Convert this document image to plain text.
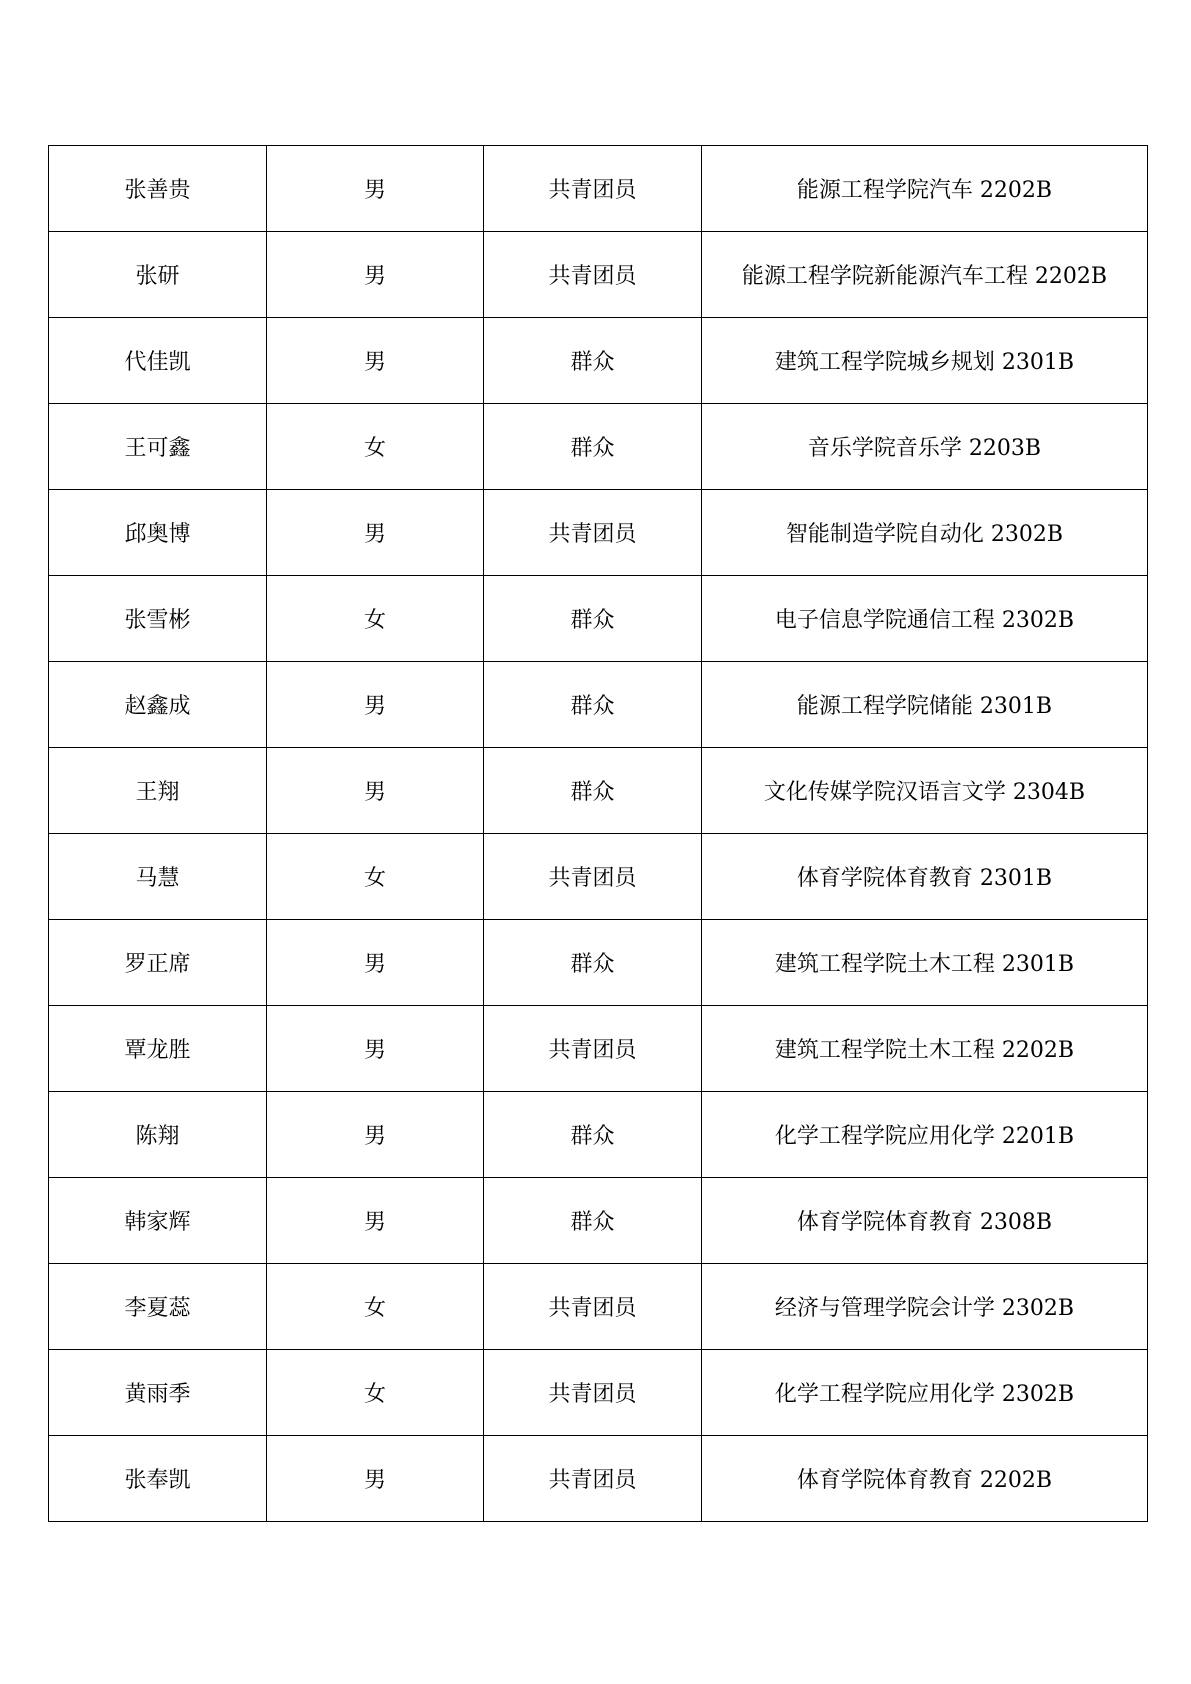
张善贵	男	共青团员	能源工程学院汽车 2202B
张研	男	共青团员	能源工程学院新能源汽车工程 2202B
代佳凯	男	群众	建筑工程学院城乡规划 2301B
王可鑫	女	群众	音乐学院音乐学 2203B
邱奥博	男	共青团员	智能制造学院自动化 2302B
张雪彬	女	群众	电子信息学院通信工程 2302B
赵鑫成	男	群众	能源工程学院储能 2301B
王翔	男	群众	文化传媒学院汉语言文学 2304B
马慧	女	共青团员	体育学院体育教育 2301B
罗正席	男	群众	建筑工程学院土木工程 2301B
覃龙胜	男	共青团员	建筑工程学院土木工程 2202B
陈翔	男	群众	化学工程学院应用化学 2201B
韩家辉	男	群众	体育学院体育教育 2308B
李夏蕊	女	共青团员	经济与管理学院会计学 2302B
黄雨季	女	共青团员	化学工程学院应用化学 2302B
张奉凯	男	共青团员	体育学院体育教育 2202B
